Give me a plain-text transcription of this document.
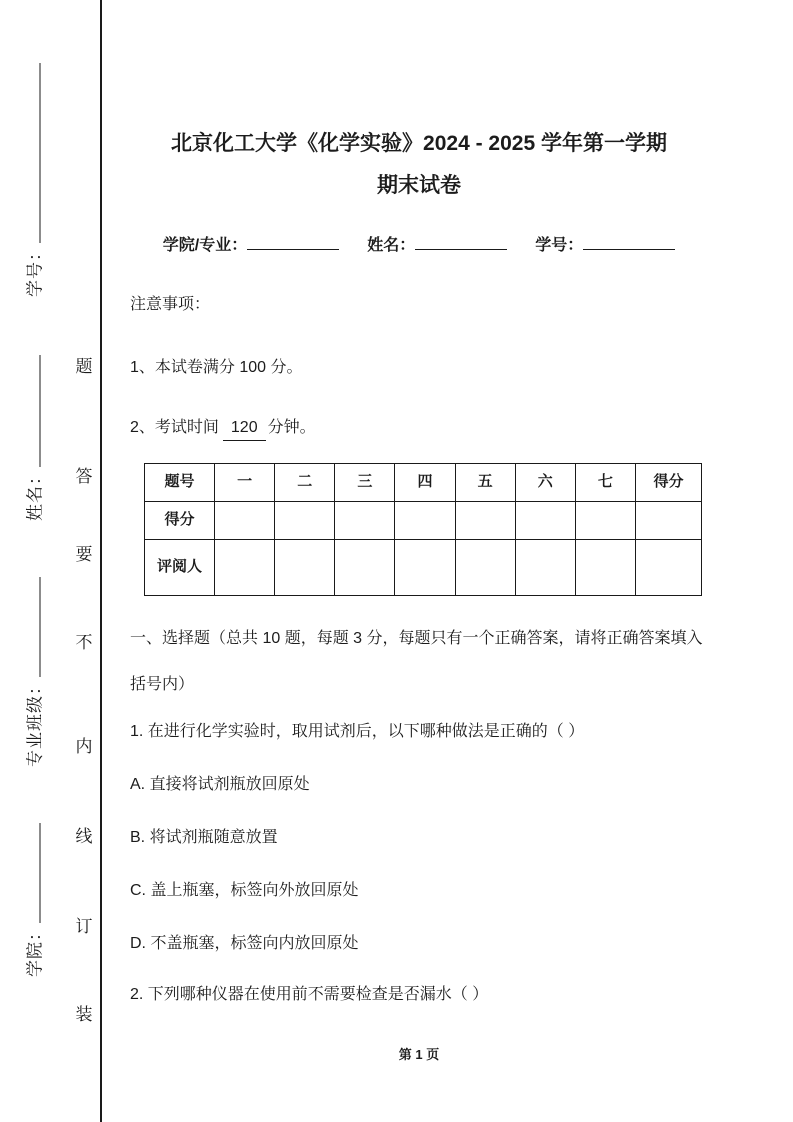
学号：
姓名：
专业班级：
学院：
题
答
要
不
内
线
订
装
北京化工大学《化学实验》2024 - 2025 学年第一学期
期末试卷
学院/专业：	姓名：	学号：

注意事项：

1、本试卷满分 100 分。

2、考试时间 120 分钟。

题号	一	二	三	四	五	六	七	得分
得分								
评阅人								

一、选择题（总共 10 题，每题 3 分，每题只有一个正确答案，请将正确答案填入括号内）

1. 在进行化学实验时，取用试剂后，以下哪种做法是正确的（ ）

A. 直接将试剂瓶放回原处

B. 将试剂瓶随意放置

C. 盖上瓶塞，标签向外放回原处

D. 不盖瓶塞，标签向内放回原处

2. 下列哪种仪器在使用前不需要检查是否漏水（ ）

第 1 页
